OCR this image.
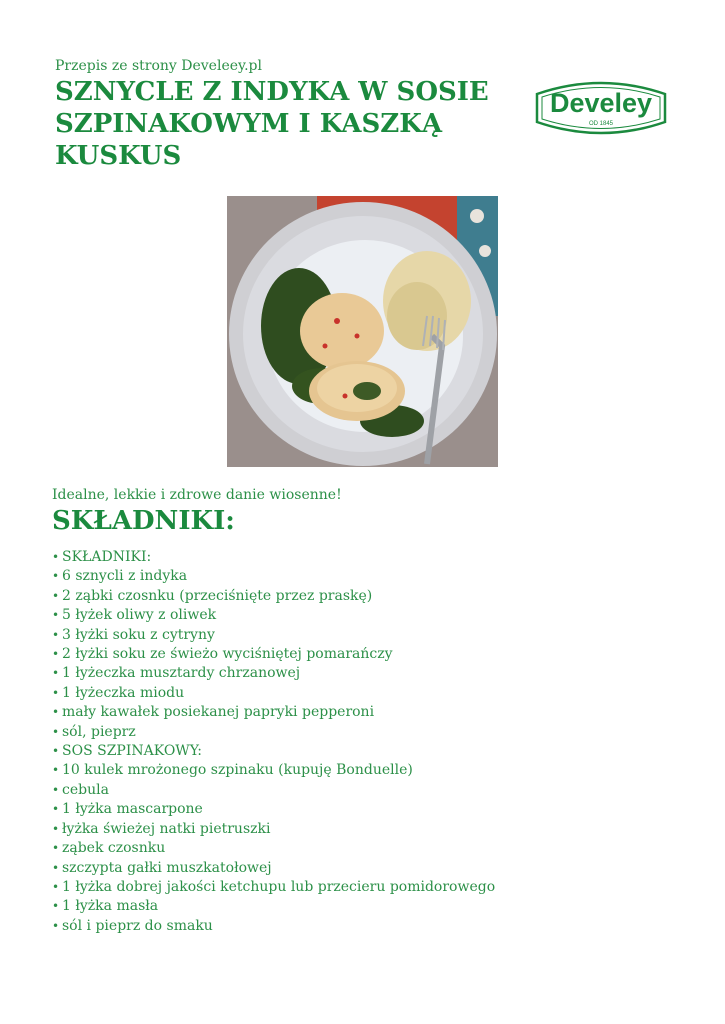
Przepis ze strony Develeey.pl
SZNYCLE Z INDYKA W SOSIE SZPINAKOWYM I KASZKĄ KUSKUS
Develey
OD 1845
Idealne, lekkie i zdrowe danie wiosenne!
SKŁADNIKI:
• SKŁADNIKI:
• 6 sznycli z indyka
• 2 ząbki czosnku (przeciśnięte przez praskę)
• 5 łyżek oliwy z oliwek
• 3 łyżki soku z cytryny
• 2 łyżki soku ze świeżo wyciśniętej pomarańczy
• 1 łyżeczka musztardy chrzanowej
• 1 łyżeczka miodu
• mały kawałek posiekanej papryki pepperoni
• sól, pieprz
• SOS SZPINAKOWY:
• 10 kulek mrożonego szpinaku (kupuję Bonduelle)
• cebula
• 1 łyżka mascarpone
• łyżka świeżej natki pietruszki
• ząbek czosnku
• szczypta gałki muszkatołowej
• 1 łyżka dobrej jakości ketchupu lub przecieru pomidorowego
• 1 łyżka masła
• sól i pieprz do smaku
